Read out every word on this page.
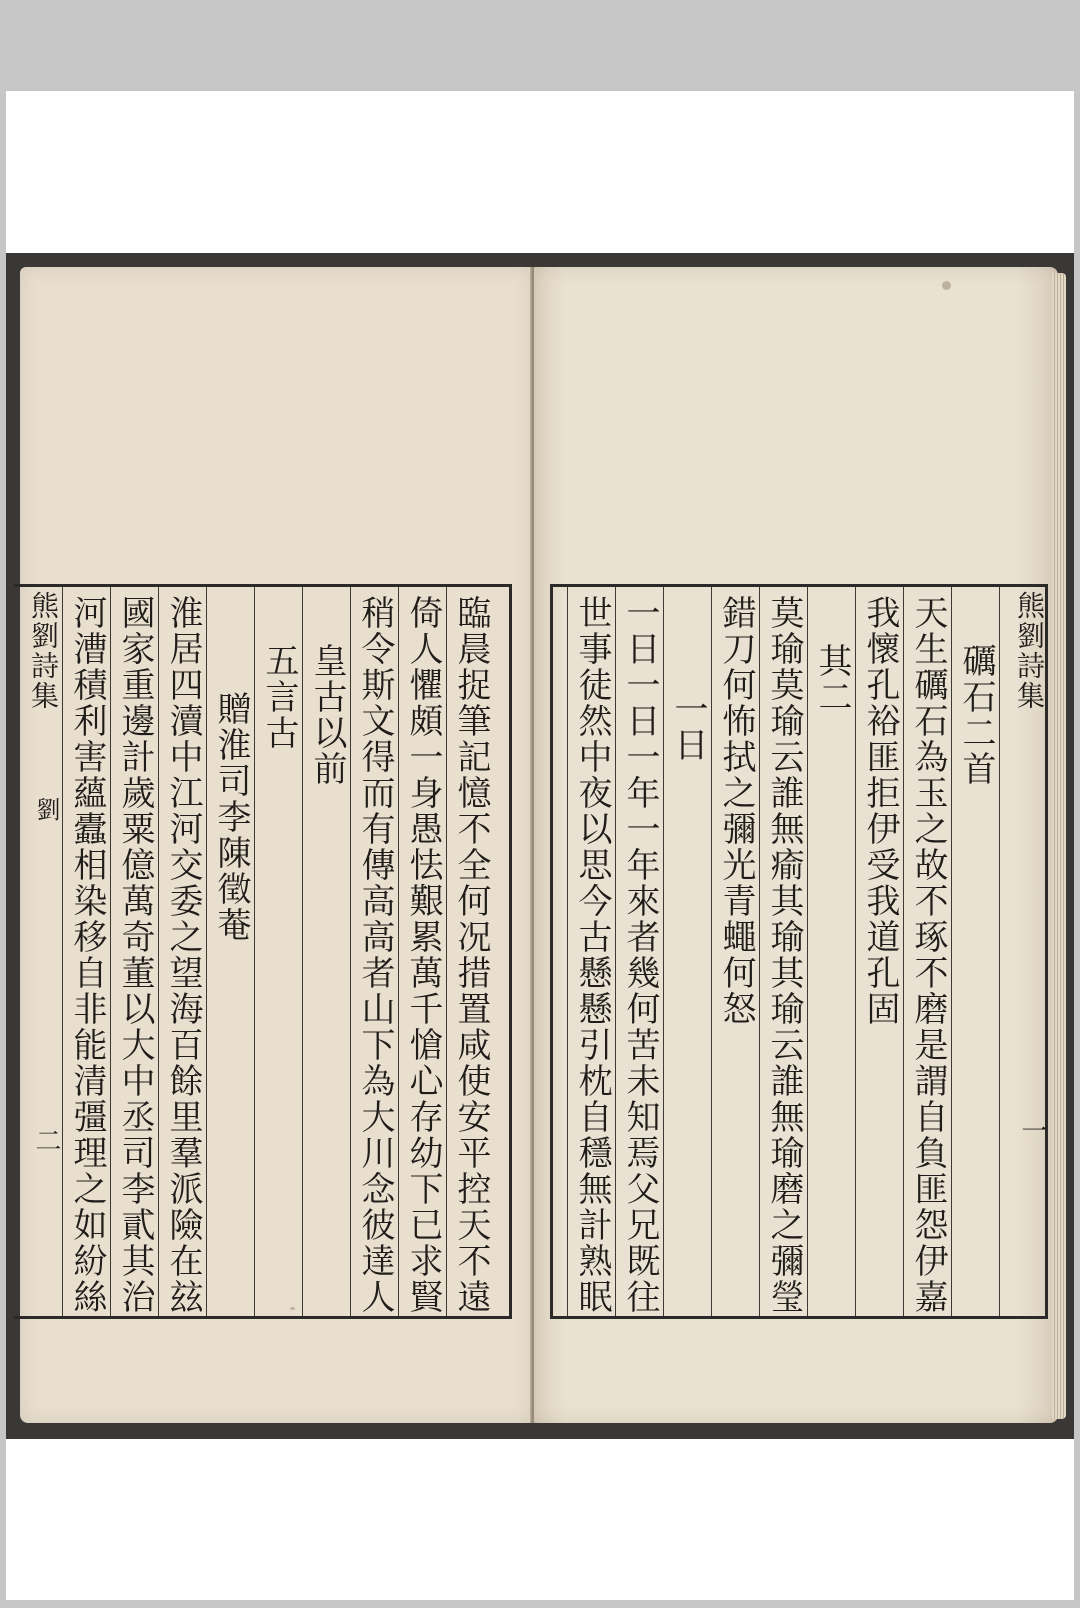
臨晨捉筆記憶不全何况措置咸使安平控天不遠
倚人懼頗一身愚怯艱累萬千愴心存幼下已求賢
稍令斯文得而有傳高高者山下為大川念彼達人
皇古以前
五言古
贈淮司李陳徵菴
淮居四瀆中江河交委之望海百餘里羣派險在玆
國家重邊計歲粟億萬奇董以大中丞司李貳其治
河漕積利害蘊蠹相染移自非能清彊理之如紛絲
熊劉詩集
劉
二
熊劉詩集
一
礪石二首
天生礪石為玉之故不琢不磨是謂自負匪怨伊嘉
我懷孔裕匪拒伊受我道孔固
其二
莫瑜莫瑜云誰無瘉其瑜其瑜云誰無瑜磨之彌瑩
錯刀何怖拭之彌光青蠅何怒
一日
一日一日一年一年來者幾何苦未知焉父兄既往
世事徒然中夜以思今古懸懸引枕自穩無計熟眠
